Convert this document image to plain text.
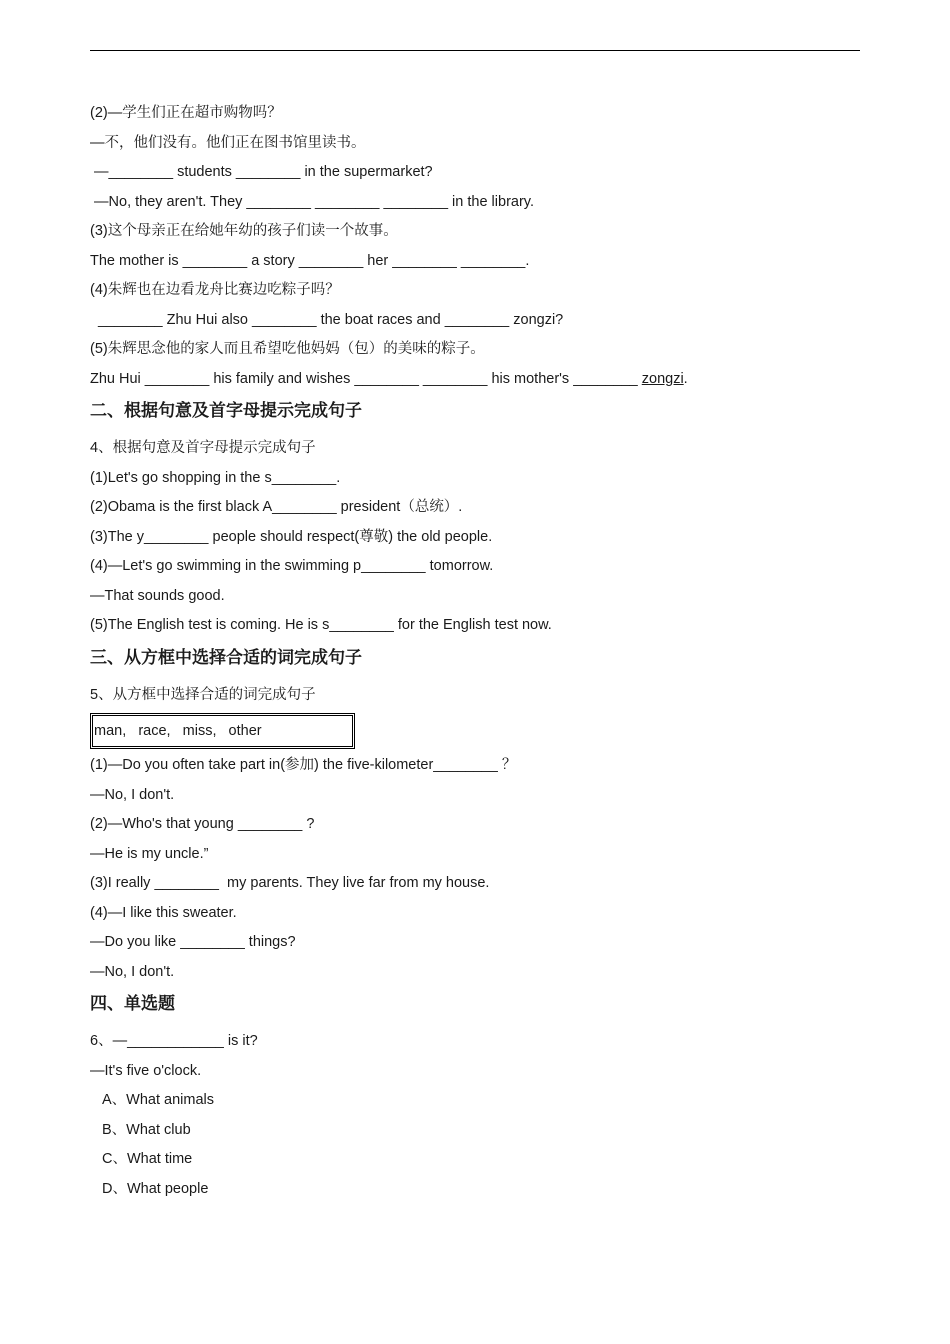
(2)—学生们正在超市购物吗？
—不，他们没有。他们正在图书馆里读书。
—________ students ________ in the supermarket?
—No, they aren't. They ________ ________ ________ in the library.
(3)这个母亲正在给她年幼的孩子们读一个故事。
The mother is ________ a story ________ her ________ ________.
(4)朱辉也在边看龙舟比赛边吃粽子吗？
________ Zhu Hui also ________ the boat races and ________ zongzi?
(5)朱辉思念他的家人而且希望吃他妈妈（包）的美味的粽子。
Zhu Hui ________ his family and wishes ________ ________ his mother's ________ zongzi.
二、根据句意及首字母提示完成句子
4、根据句意及首字母提示完成句子
(1)Let's go shopping in the s________.
(2)Obama is the first black A________ president（总统）.
(3)The y________ people should respect(尊敬) the old people.
(4)—Let's go swimming in the swimming p________ tomorrow.
—That sounds good.
(5)The English test is coming. He is s________ for the English test now.
三、从方框中选择合适的词完成句子
5、从方框中选择合适的词完成句子
man,   race,   miss,   other
(1)—Do you often take part in(参加) the five-kilometer________ ？
—No, I don't.
(2)—Who's that young ________ ?
—He is my uncle.”
(3)I really ________  my parents. They live far from my house.
(4)—I like this sweater.
—Do you like ________ things?
—No, I don't.
四、单选题
6、—____________ is it?
—It's five o'clock.
A、What animals
B、What club
C、What time
D、What people
